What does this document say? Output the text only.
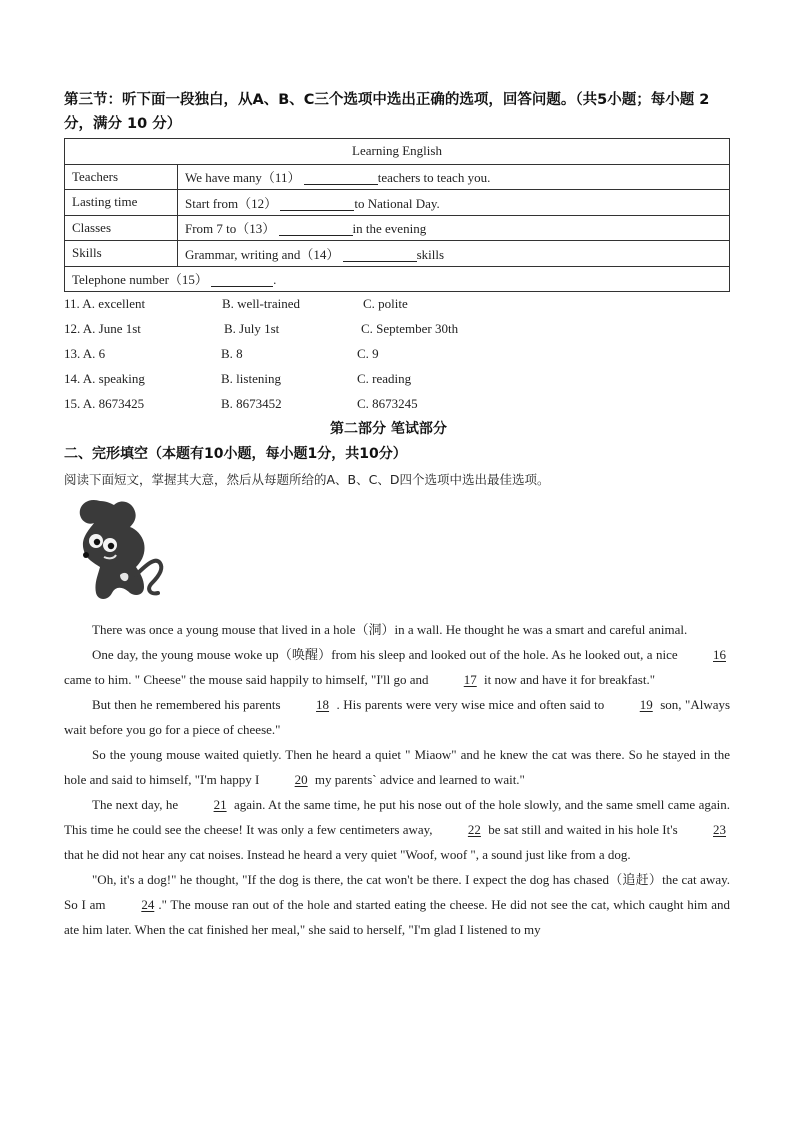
第三节：听下面一段独白，从A、B、C三个选项中选出正确的选项，回答问题。（共5小题；每小题 2 分，满分 10 分）
Learning English	
Teachers	We have many（11） teachers to teach you.
Lasting time	Start from（12） to National Day.
Classes	From 7 to（13） in the evening
Skills	Grammar, writing and（14） skills
Telephone number（15） .	
11. A. excellent	B. well-trained	C. polite
12. A. June 1st	B. July 1st	C. September 30th
13. A. 6	B. 8	C. 9
14. A. speaking	B. listening	C. reading
15. A. 8673425	B. 8673452	C. 8673245
第二部分 笔试部分
二、完形填空（本题有10小题，每小题1分，共10分）
阅读下面短文，掌握其大意，然后从每题所给的A、B、C、D四个选项中选出最佳选项。

There was once a young mouse that lived in a hole（洞）in a wall. He thought he was a smart and careful animal.

One day, the young mouse woke up（唤醒）from his sleep and looked out of the hole. As he looked out, a nice	16 came to him. " Cheese" the mouse said happily to himself, "I'll go and	17 it now and have it for breakfast."

But then he remembered his parents	18 . His parents were very wise mice and often said to	19 son, "Always wait before you go for a piece of cheese."

So the young mouse waited quietly. Then he heard a quiet " Miaow" and he knew the cat was there. So he stayed in the hole and said to himself, "I'm happy I	20 my parents` advice and learned to wait."

The next day, he	21 again. At the same time, he put his nose out of the hole slowly, and the same smell came again. This time he could see the cheese! It was only a few centimeters away,	22 be sat still and waited in his hole It's	23 that he did not hear any cat noises. Instead he heard a very quiet "Woof, woof ", a sound just like from a dog.

"Oh, it's a dog!" he thought, "If the dog is there, the cat won't be there. I expect the dog has chased（追赶）the cat away. So I am	24 ." The mouse ran out of the hole and started eating the cheese. He did not see the cat, which caught him and ate him later. When the cat finished her meal," she said to herself, "I'm glad I listened to my
